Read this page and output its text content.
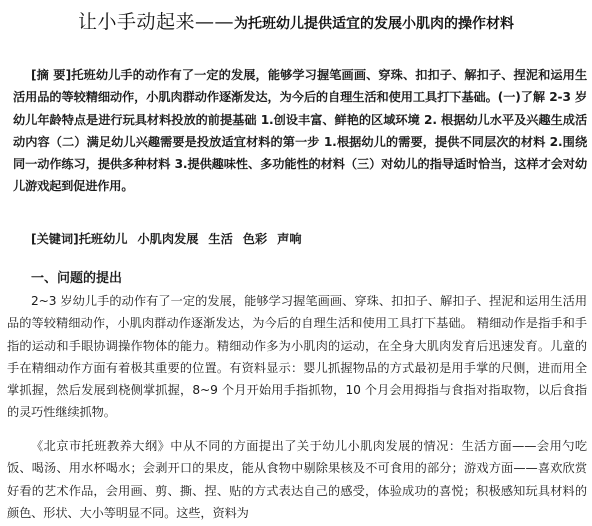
让小手动起来——为托班幼儿提供适宜的发展小肌肉的操作材料

[摘 要]托班幼儿手的动作有了一定的发展，能够学习握笔画画、穿珠、扣扣子、解扣子、捏泥和运用生活用品的等较精细动作，小肌肉群动作逐渐发达，为今后的自理生活和使用工具打下基础。(一)了解 2-3 岁幼儿年龄特点是进行玩具材料投放的前提基础 1.创设丰富、鲜艳的区域环境 2. 根据幼儿水平及兴趣生成活动内容（二）满足幼儿兴趣需要是投放适宜材料的第一步 1.根据幼儿的需要，提供不同层次的材料 2.围绕同一动作练习，提供多种材料 3.提供趣味性、多功能性的材料（三）对幼儿的指导适时恰当，这样才会对幼儿游戏起到促进作用。

[关键词]托班幼儿 小肌肉发展 生活 色彩 声响

一、问题的提出

2~3 岁幼儿手的动作有了一定的发展，能够学习握笔画画、穿珠、扣扣子、解扣子、捏泥和运用生活用品的等较精细动作，小肌肉群动作逐渐发达，为今后的自理生活和使用工具打下基础。 精细动作是指手和手指的运动和手眼协调操作物体的能力。精细动作多为小肌肉的运动，在全身大肌肉发育后迅速发育。儿童的手在精细动作方面有着极其重要的位置。有资料显示：婴儿抓握物品的方式最初是用手掌的尺侧，进而用全掌抓握，然后发展到桡侧掌抓握，8~9 个月开始用手指抓物，10 个月会用拇指与食指对指取物，以后食指的灵巧性继续抓物。

《北京市托班教养大纲》中从不同的方面提出了关于幼儿小肌肉发展的情况：生活方面——会用勺吃饭、喝汤、用水杯喝水；会剥开口的果皮，能从食物中剔除果核及不可食用的部分；游戏方面——喜欢欣赏好看的艺术作品，会用画、剪、撕、捏、贴的方式表达自己的感受，体验成功的喜悦；积极感知玩具材料的颜色、形状、大小等明显不同。这些，资料为
